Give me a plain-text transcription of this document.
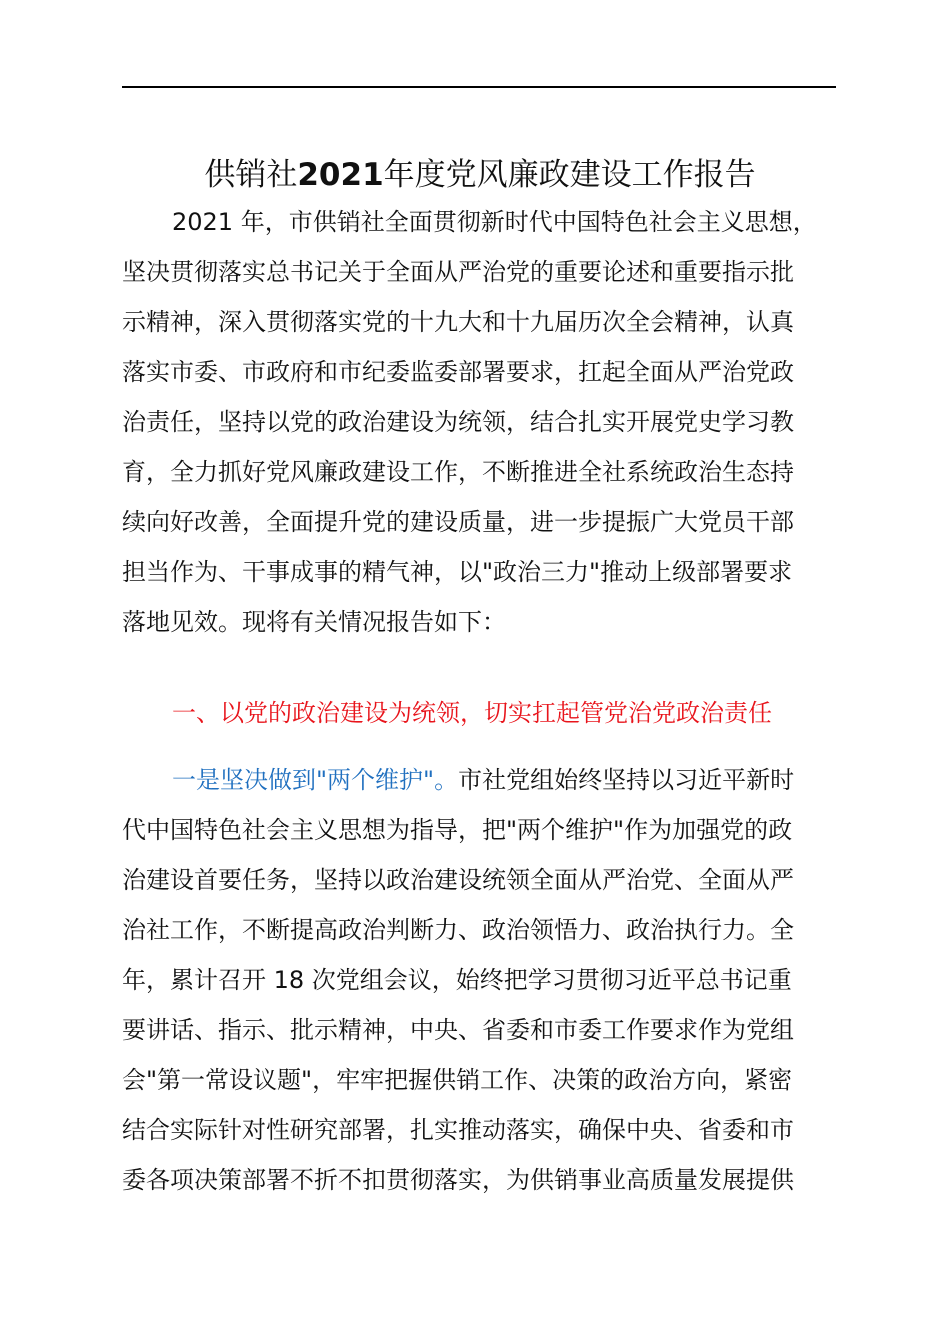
供销社2021年度党风廉政建设工作报告
2021 年，市供销社全面贯彻新时代中国特色社会主义思想，
坚决贯彻落实总书记关于全面从严治党的重要论述和重要指示批
示精神，深入贯彻落实党的十九大和十九届历次全会精神，认真
落实市委、市政府和市纪委监委部署要求，扛起全面从严治党政
治责任，坚持以党的政治建设为统领，结合扎实开展党史学习教
育，全力抓好党风廉政建设工作，不断推进全社系统政治生态持
续向好改善，全面提升党的建设质量，进一步提振广大党员干部
担当作为、干事成事的精气神，以"政治三力"推动上级部署要求
落地见效。现将有关情况报告如下：
一、以党的政治建设为统领，切实扛起管党治党政治责任
一是坚决做到"两个维护"。市社党组始终坚持以习近平新时
代中国特色社会主义思想为指导，把"两个维护"作为加强党的政
治建设首要任务，坚持以政治建设统领全面从严治党、全面从严
治社工作，不断提高政治判断力、政治领悟力、政治执行力。全
年，累计召开 18 次党组会议，始终把学习贯彻习近平总书记重
要讲话、指示、批示精神，中央、省委和市委工作要求作为党组
会"第一常设议题"，牢牢把握供销工作、决策的政治方向，紧密
结合实际针对性研究部署，扎实推动落实，确保中央、省委和市
委各项决策部署不折不扣贯彻落实，为供销事业高质量发展提供
